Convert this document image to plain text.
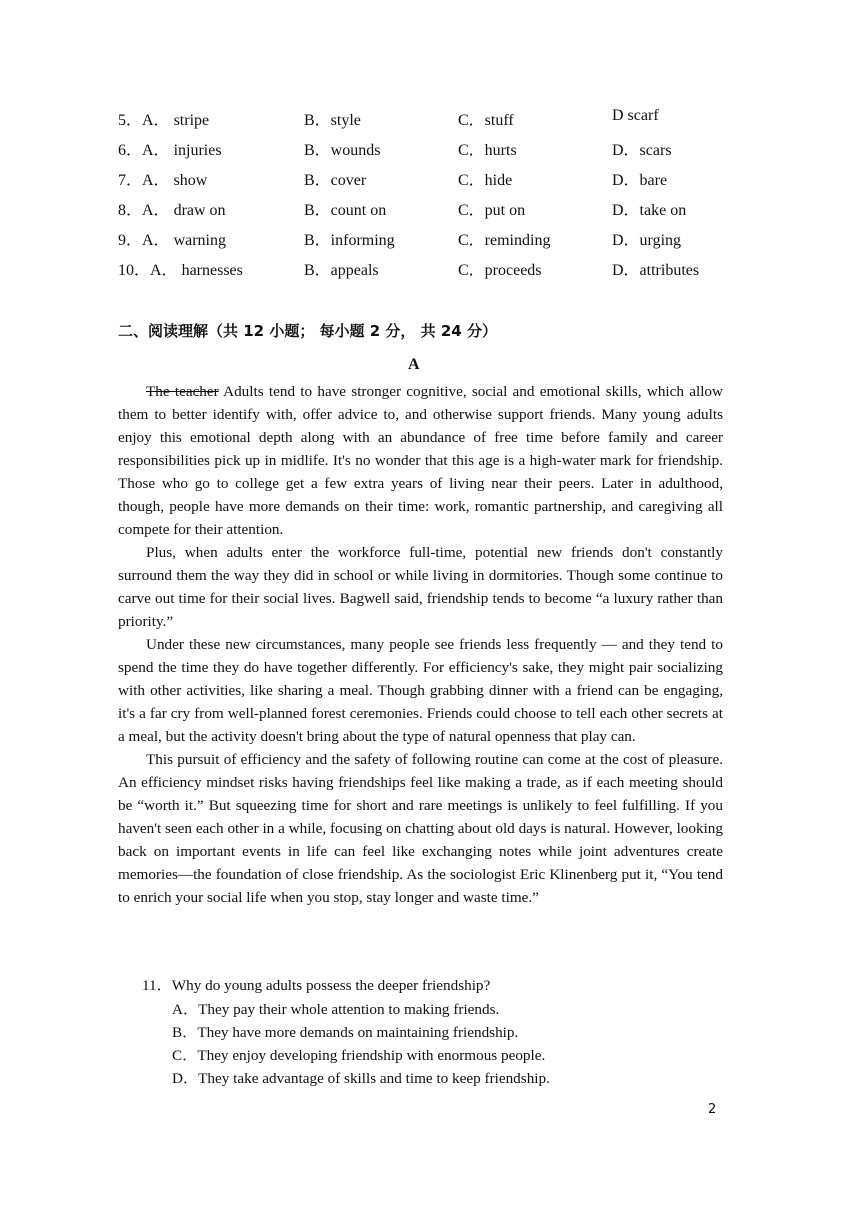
5．A． stripe	B．style	C．stuff	D scarf
6．A． injuries	B．wounds	C．hurts	D．scars
7．A． show	B．cover	C．hide	D．bare
8．A． draw on	B．count on	C．put on	D．take on
9．A． warning	B．informing	C．reminding	D．urging
10．A． harnesses	B．appeals	C．proceeds	D．attributes
二、阅读理解（共 12 小题； 每小题 2 分， 共 24 分）
A

The teacher Adults tend to have stronger cognitive, social and emotional skills, which allow them to better identify with, offer advice to, and otherwise support friends. Many young adults enjoy this emotional depth along with an abundance of free time before family and career responsibilities pick up in midlife. It's no wonder that this age is a high-water mark for friendship. Those who go to college get a few extra years of living near their peers. Later in adulthood, though, people have more demands on their time: work, romantic partnership, and caregiving all compete for their attention.

Plus, when adults enter the workforce full-time, potential new friends don't constantly surround them the way they did in school or while living in dormitories. Though some continue to carve out time for their social lives. Bagwell said, friendship tends to become “a luxury rather than priority.”

Under these new circumstances, many people see friends less frequently — and they tend to spend the time they do have together differently. For efficiency's sake, they might pair socializing with other activities, like sharing a meal. Though grabbing dinner with a friend can be engaging, it's a far cry from well-planned forest ceremonies. Friends could choose to tell each other secrets at a meal, but the activity doesn't bring about the type of natural openness that play can.

This pursuit of efficiency and the safety of following routine can come at the cost of pleasure. An efficiency mindset risks having friendships feel like making a trade, as if each meeting should be “worth it.” But squeezing time for short and rare meetings is unlikely to feel fulfilling. If you haven't seen each other in a while, focusing on chatting about old days is natural. However, looking back on important events in life can feel like exchanging notes while joint adventures create memories—the foundation of close friendship. As the sociologist Eric Klinenberg put it, “You tend to enrich your social life when you stop, stay longer and waste time.”

11．Why do young adults possess the deeper friendship?
A．They pay their whole attention to making friends.
B．They have more demands on maintaining friendship.
C．They enjoy developing friendship with enormous people.
D．They take advantage of skills and time to keep friendship.
2
